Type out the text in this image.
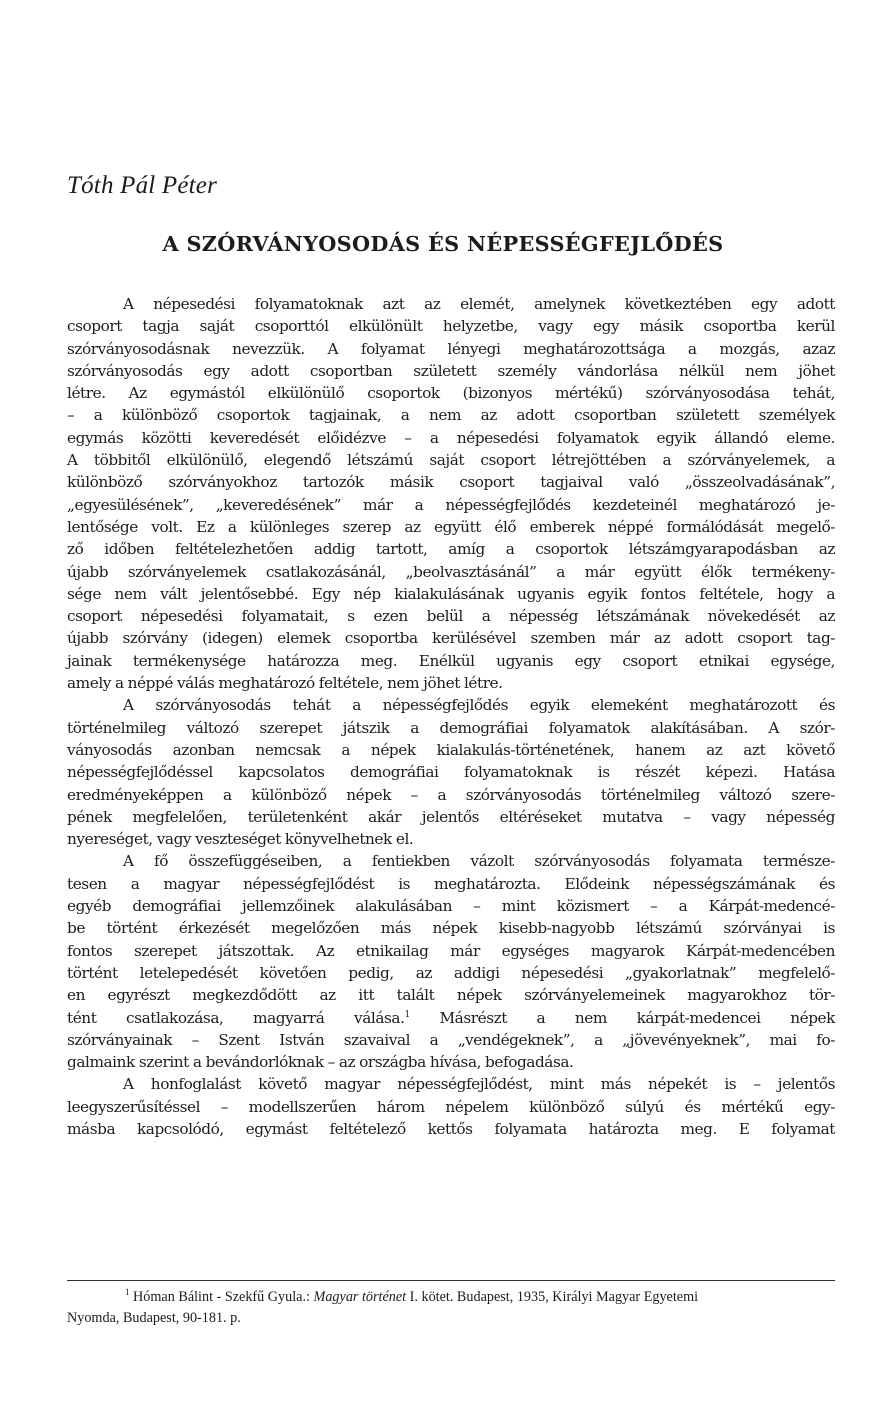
Tóth Pál Péter
A SZÓRVÁNYOSODÁS ÉS NÉPESSÉGFEJLŐDÉS
A népesedési folyamatoknak azt az elemét, amelynek következtében egy adott
csoport tagja saját csoporttól elkülönült helyzetbe, vagy egy másik csoportba kerül
szórványosodásnak nevezzük. A folyamat lényegi meghatározottsága a mozgás, azaz
szórványosodás egy adott csoportban született személy vándorlása nélkül nem jöhet
létre. Az egymástól elkülönülő csoportok (bizonyos mértékű) szórványosodása tehát,
– a különböző csoportok tagjainak, a nem az adott csoportban született személyek
egymás közötti keveredését előidézve – a népesedési folyamatok egyik állandó eleme.
A többitől elkülönülő, elegendő létszámú saját csoport létrejöttében a szórványelemek, a
különböző szórványokhoz tartozók másik csoport tagjaival való „összeolvadásának”,
„egyesülésének”, „keveredésének” már a népességfejlődés kezdeteinél meghatározó je-
lentősége volt. Ez a különleges szerep az együtt élő emberek néppé formálódását megelő-
ző időben feltételezhetően addig tartott, amíg a csoportok létszámgyarapodásban az
újabb szórványelemek csatlakozásánál, „beolvasztásánál” a már együtt élők termékeny-
sége nem vált jelentősebbé. Egy nép kialakulásának ugyanis egyik fontos feltétele, hogy a
csoport népesedési folyamatait, s ezen belül a népesség létszámának növekedését az
újabb szórvány (idegen) elemek csoportba kerülésével szemben már az adott csoport tag-
jainak termékenysége határozza meg. Enélkül ugyanis egy csoport etnikai egysége,
amely a néppé válás meghatározó feltétele, nem jöhet létre.
A szórványosodás tehát a népességfejlődés egyik elemeként meghatározott és
történelmileg változó szerepet játszik a demográfiai folyamatok alakításában. A szór-
ványosodás azonban nemcsak a népek kialakulás-történetének, hanem az azt követő
népességfejlődéssel kapcsolatos demográfiai folyamatoknak is részét képezi. Hatása
eredményeképpen a különböző népek – a szórványosodás történelmileg változó szere-
pének megfelelően, területenként akár jelentős eltéréseket mutatva – vagy népesség
nyereséget, vagy veszteséget könyvelhetnek el.
A fő összefüggéseiben, a fentiekben vázolt szórványosodás folyamata természe-
tesen a magyar népességfejlődést is meghatározta. Elődeink népességszámának és
egyéb demográfiai jellemzőinek alakulásában – mint közismert – a Kárpát-medencé-
be történt érkezését megelőzően más népek kisebb-nagyobb létszámú szórványai is
fontos szerepet játszottak. Az etnikailag már egységes magyarok Kárpát-medencében
történt letelepedését követően pedig, az addigi népesedési „gyakorlatnak” megfelelő-
en egyrészt megkezdődött az itt talált népek szórványelemeinek magyarokhoz tör-
tént csatlakozása, magyarrá válása.$^1$ Másrészt a nem kárpát-medencei népek
szórványainak – Szent István szavaival a „vendégeknek”, a „jövevényeknek”, mai fo-
galmaink szerint a bevándorlóknak – az országba hívása, befogadása.
A honfoglalást követő magyar népességfejlődést, mint más népekét is – jelentős
leegyszerűsítéssel – modellszerűen három népelem különböző súlyú és mértékű egy-
másba kapcsolódó, egymást feltételező kettős folyamata határozta meg. E folyamat
$^1$ Hóman Bálint - Szekfű Gyula.: Magyar történet I. kötet. Budapest, 1935, Királyi Magyar Egyetemi
Nyomda, Budapest, 90-181. p.
